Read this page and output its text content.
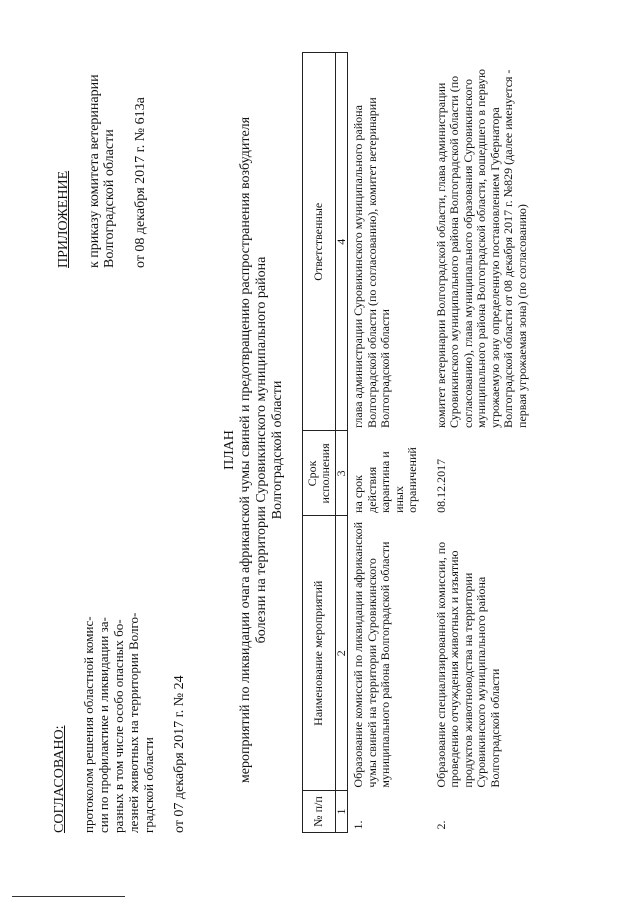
СОГЛАСОВАНО: протоколом решения областной комис- сии по профилактике и ликвидации за- разных в том числе особо опасных бо- лезней животных на территории Волго- градской области от 07 декабря 2017 г. № 24
ПРИЛОЖЕНИЕ к приказу комитета ветеринарии Волгоградской области от 08 декабря 2017 г. № 613а
ПЛАН мероприятий по ликвидации очага африканской чумы свиней и предотвращению распространения возбудителя болезни на территории Суровикинского муниципального района Волгоградской области
№ п/п	Наименование мероприятий	Срок исполнения	Ответственные
1	2	3	4
1.	Образование комиссий по ликвидации африканской чумы свиней на территории Суровикинского муниципального района Волгоградской области	на срок действия карантина и иных ограничений	глава администрации Суровикинского муниципального района Волгоградской области (по согласованию), комитет ветеринарии Волгоградской области
2.	Образование специализированной комиссии, по проведению отчуждения животных и изъятию продуктов животноводства на территории Суровикинского муниципального района Волгоградской области	08.12.2017	комитет ветеринарии Волгоградской области, глава администрации Суровикинского муниципального района Волгоградской области (по согласованию), глава муниципального образования Суровикинского муниципального района Волгоградской области, вошедшего в первую угрожаемую зону определенную постановлением Губернатора Волгоградской области от 08 декабря 2017 г. №829 (далее именуется - первая угрожаемая зона) (по согласованию)
